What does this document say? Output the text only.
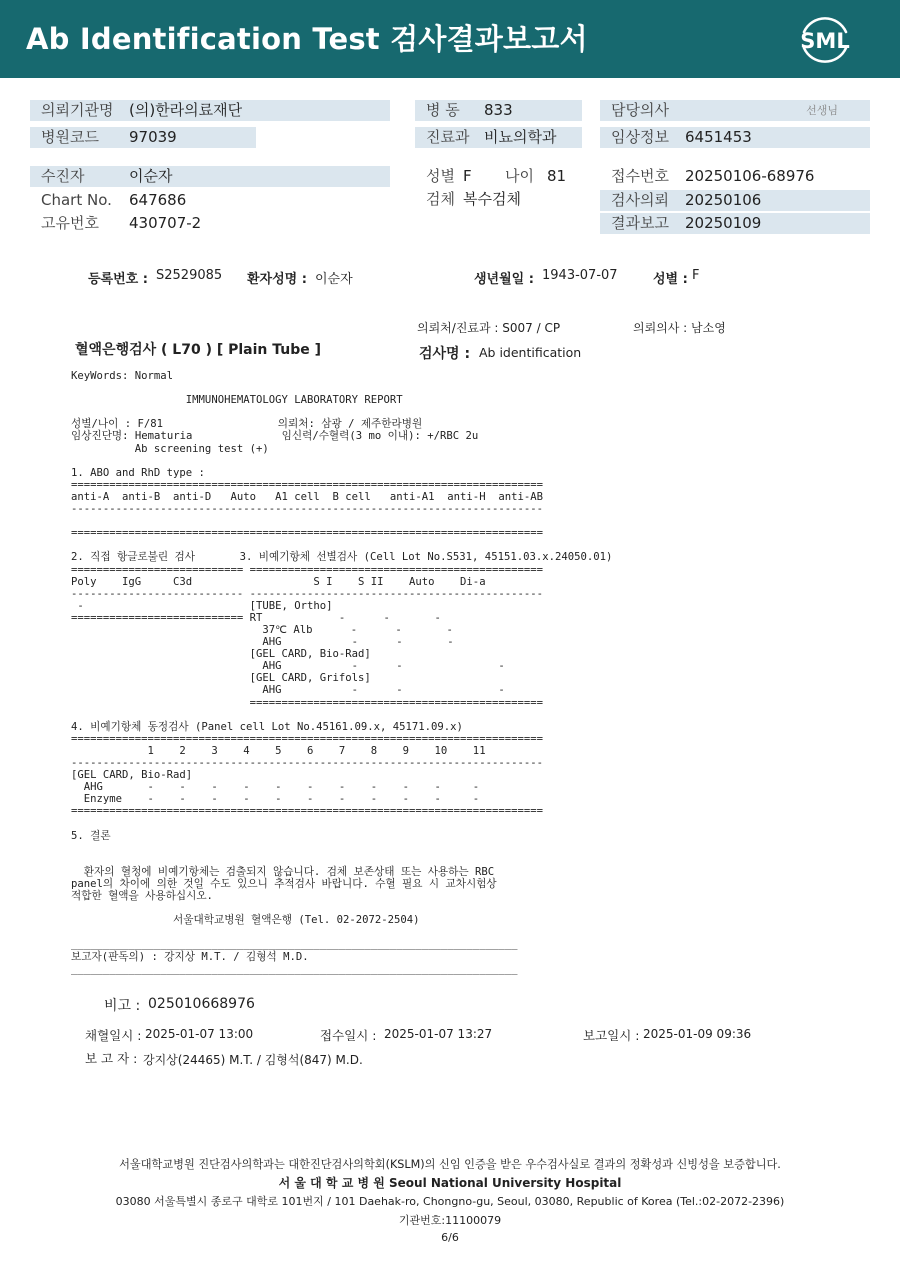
Ab Identification Test 검사결과보고서	SML
의뢰기관명 (의)한라의료재단
병원코드 97039
병 동 833
진료과 비뇨의학과
담당의사	선생님
임상정보 6451453
수진자	이순자
Chart No. 647686
고유번호 430707-2
성별 F 나이 81
검체 복수검체
접수번호 20250106-68976
검사의뢰 20250106
결과보고 20250109
등록번호 : S2529085 환자성명 : 이순자	생년월일 : 1943-07-07	성별 : F
의뢰처/진료과 : S007 / CP	의뢰의사 : 남소영
혈액은행검사 ( L70 ) [ Plain Tube ]	검사명 : Ab identification
KeyWords: Normal

IMMUNOHEMATOLOGY LABORATORY REPORT

성별/나이 : F/81                  의뢰처: 삼광 / 제주한라병원
임상진단명: Hematuria              임신력/수혈력(3 mo 이내): +/RBC 2u
Ab screening test (+)

1. ABO and RhD type :
==========================================================================
anti-A  anti-B  anti-D   Auto   A1 cell  B cell   anti-A1  anti-H  anti-AB
--------------------------------------------------------------------------

==========================================================================

2. 직접 항글로불린 검사       3. 비예기항체 선별검사 (Cell Lot No.S531, 45151.03.x.24050.01)
=========================== ==============================================
Poly    IgG     C3d                   S I    S II    Auto    Di-a
--------------------------- ----------------------------------------------
-                          [TUBE, Ortho]
=========================== RT            -      -       -
37℃ Alb      -      -       -
AHG           -      -       -
[GEL CARD, Bio-Rad]
AHG           -      -               -
[GEL CARD, Grifols]
AHG           -      -               -
==============================================

4. 비예기항체 동정검사 (Panel cell Lot No.45161.09.x, 45171.09.x)
==========================================================================
1    2    3    4    5    6    7    8    9    10    11
--------------------------------------------------------------------------
[GEL CARD, Bio-Rad]
AHG       -    -    -    -    -    -    -    -    -    -     -
Enzyme    -    -    -    -    -    -    -    -    -    -     -
==========================================================================

5. 결론

환자의 혈청에 비예기항체는 검출되지 않습니다. 검체 보존상태 또는 사용하는 RBC
panel의 차이에 의한 것일 수도 있으니 추적검사 바랍니다. 수혈 필요 시 교차시험상
적합한 혈액을 사용하십시오.

서울대학교병원 혈액은행 (Tel. 02-2072-2504)

______________________________________________________________________
보고자(판독의) : 강지상 M.T. / 김형석 M.D.
______________________________________________________________________
비고 : 025010668976
채혈일시 : 2025-01-07 13:00	접수일시 : 2025-01-07 13:27	보고일시 : 2025-01-09 09:36
보 고 자 : 강지상(24465) M.T. / 김형석(847) M.D.
서울대학교병원 진단검사의학과는 대한진단검사의학회(KSLM)의 신임 인증을 받은 우수검사실로 결과의 정확성과 신빙성을 보증합니다.
서 울 대 학 교 병 원 Seoul National University Hospital
03080 서울특별시 종로구 대학로 101번지 / 101 Daehak-ro, Chongno-gu, Seoul, 03080, Republic of Korea (Tel.:02-2072-2396)
기관번호:11100079
6/6
